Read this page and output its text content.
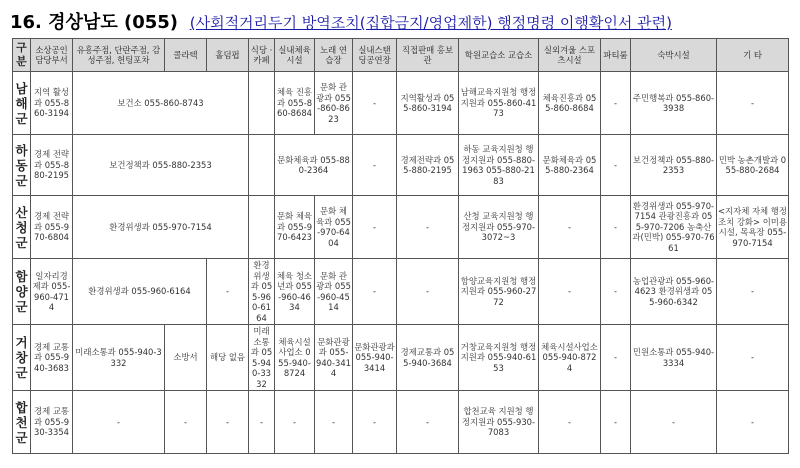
16. 경상남도 (055) (사회적거리두기 방역조치(집합금지/영업제한) 행정명령 이행확인서 관련)
구분	소상공인 담당부서	유흥주점, 단란주점, 감성주점, 헌팅포차	콜라텍	홀덤펍	식당 ·카페	실내체육 시설	노래 연습장	실내스탠 딩공연장	직접판매 홍보관	학원교습소 교습소	실외겨울 스포츠시설	파티룸	숙박시설	기 타
남해군	지역 활성과 055-860-3194	보건소 055-860-8743				체육 진흥과 055-860-8684	문화 관광과 055-860-8623	-	지역활성과 055-860-3194	남해교육지원청 행정지원과 055-860-4173	체육진흥과 055-860-8684	-	주민행복과 055-860-3938	-
하동군	경제 전략과 055-880-2195	보건정책과 055-880-2353				문화체육과 055-880-2364		-	경제전략과 055-880-2195	하동 교육지원청 행정지원과 055-880-1963 055-880-2183	문화체육과 055-880-2364	-	보건정책과 055-880-2353	민박 농촌개발과 055-880-2684
산청군	경제 전략과 055-970-6804	환경위생과 055-970-7154				문화 체육과 055-970-6423	문화 체육과 055-970-6404	-	-	산청 교육지원청 행정지원과 055-970-3072~3	-	-	환경위생과 055-970-7154 관광진흥과 055-970-7206 농축산과(민박) 055-970-7661	<지자체 자체 행정조치 강화> 이미용시설, 목욕장 055-970-7154
함양군	일자리경제과 055-960-4714	환경위생과 055-960-6164		-	환경위생과 055-960-6164	체육 청소년과 055-960-4634	문화 관광과 055-960-4514	-	-	함양교육지원청 행정지원과 055-960-2772	-	-	농업관광과 055-960-4623 환경위생과 055-960-6342	-
거창군	경제 교통과 055-940-3683	미래소통과 055-940-3332	소방서	해당 없음	미래소통과 055-940-3332	체육시설사업소 055-940-8724	문화관광과 055-940-3414	문화관광과 055-940-3414	경제교통과 055-940-3684	거창교육지원청 행정지원과 055-940-6153	체육시설사업소 055-940-8724	-	민원소통과 055-940-3334	-
합천군	경제 교통과 055-930-3354	-	-	-	-	-	-	-	-	합천교육 지원청 행정지원과 055-930-7083	-	-	-	-
